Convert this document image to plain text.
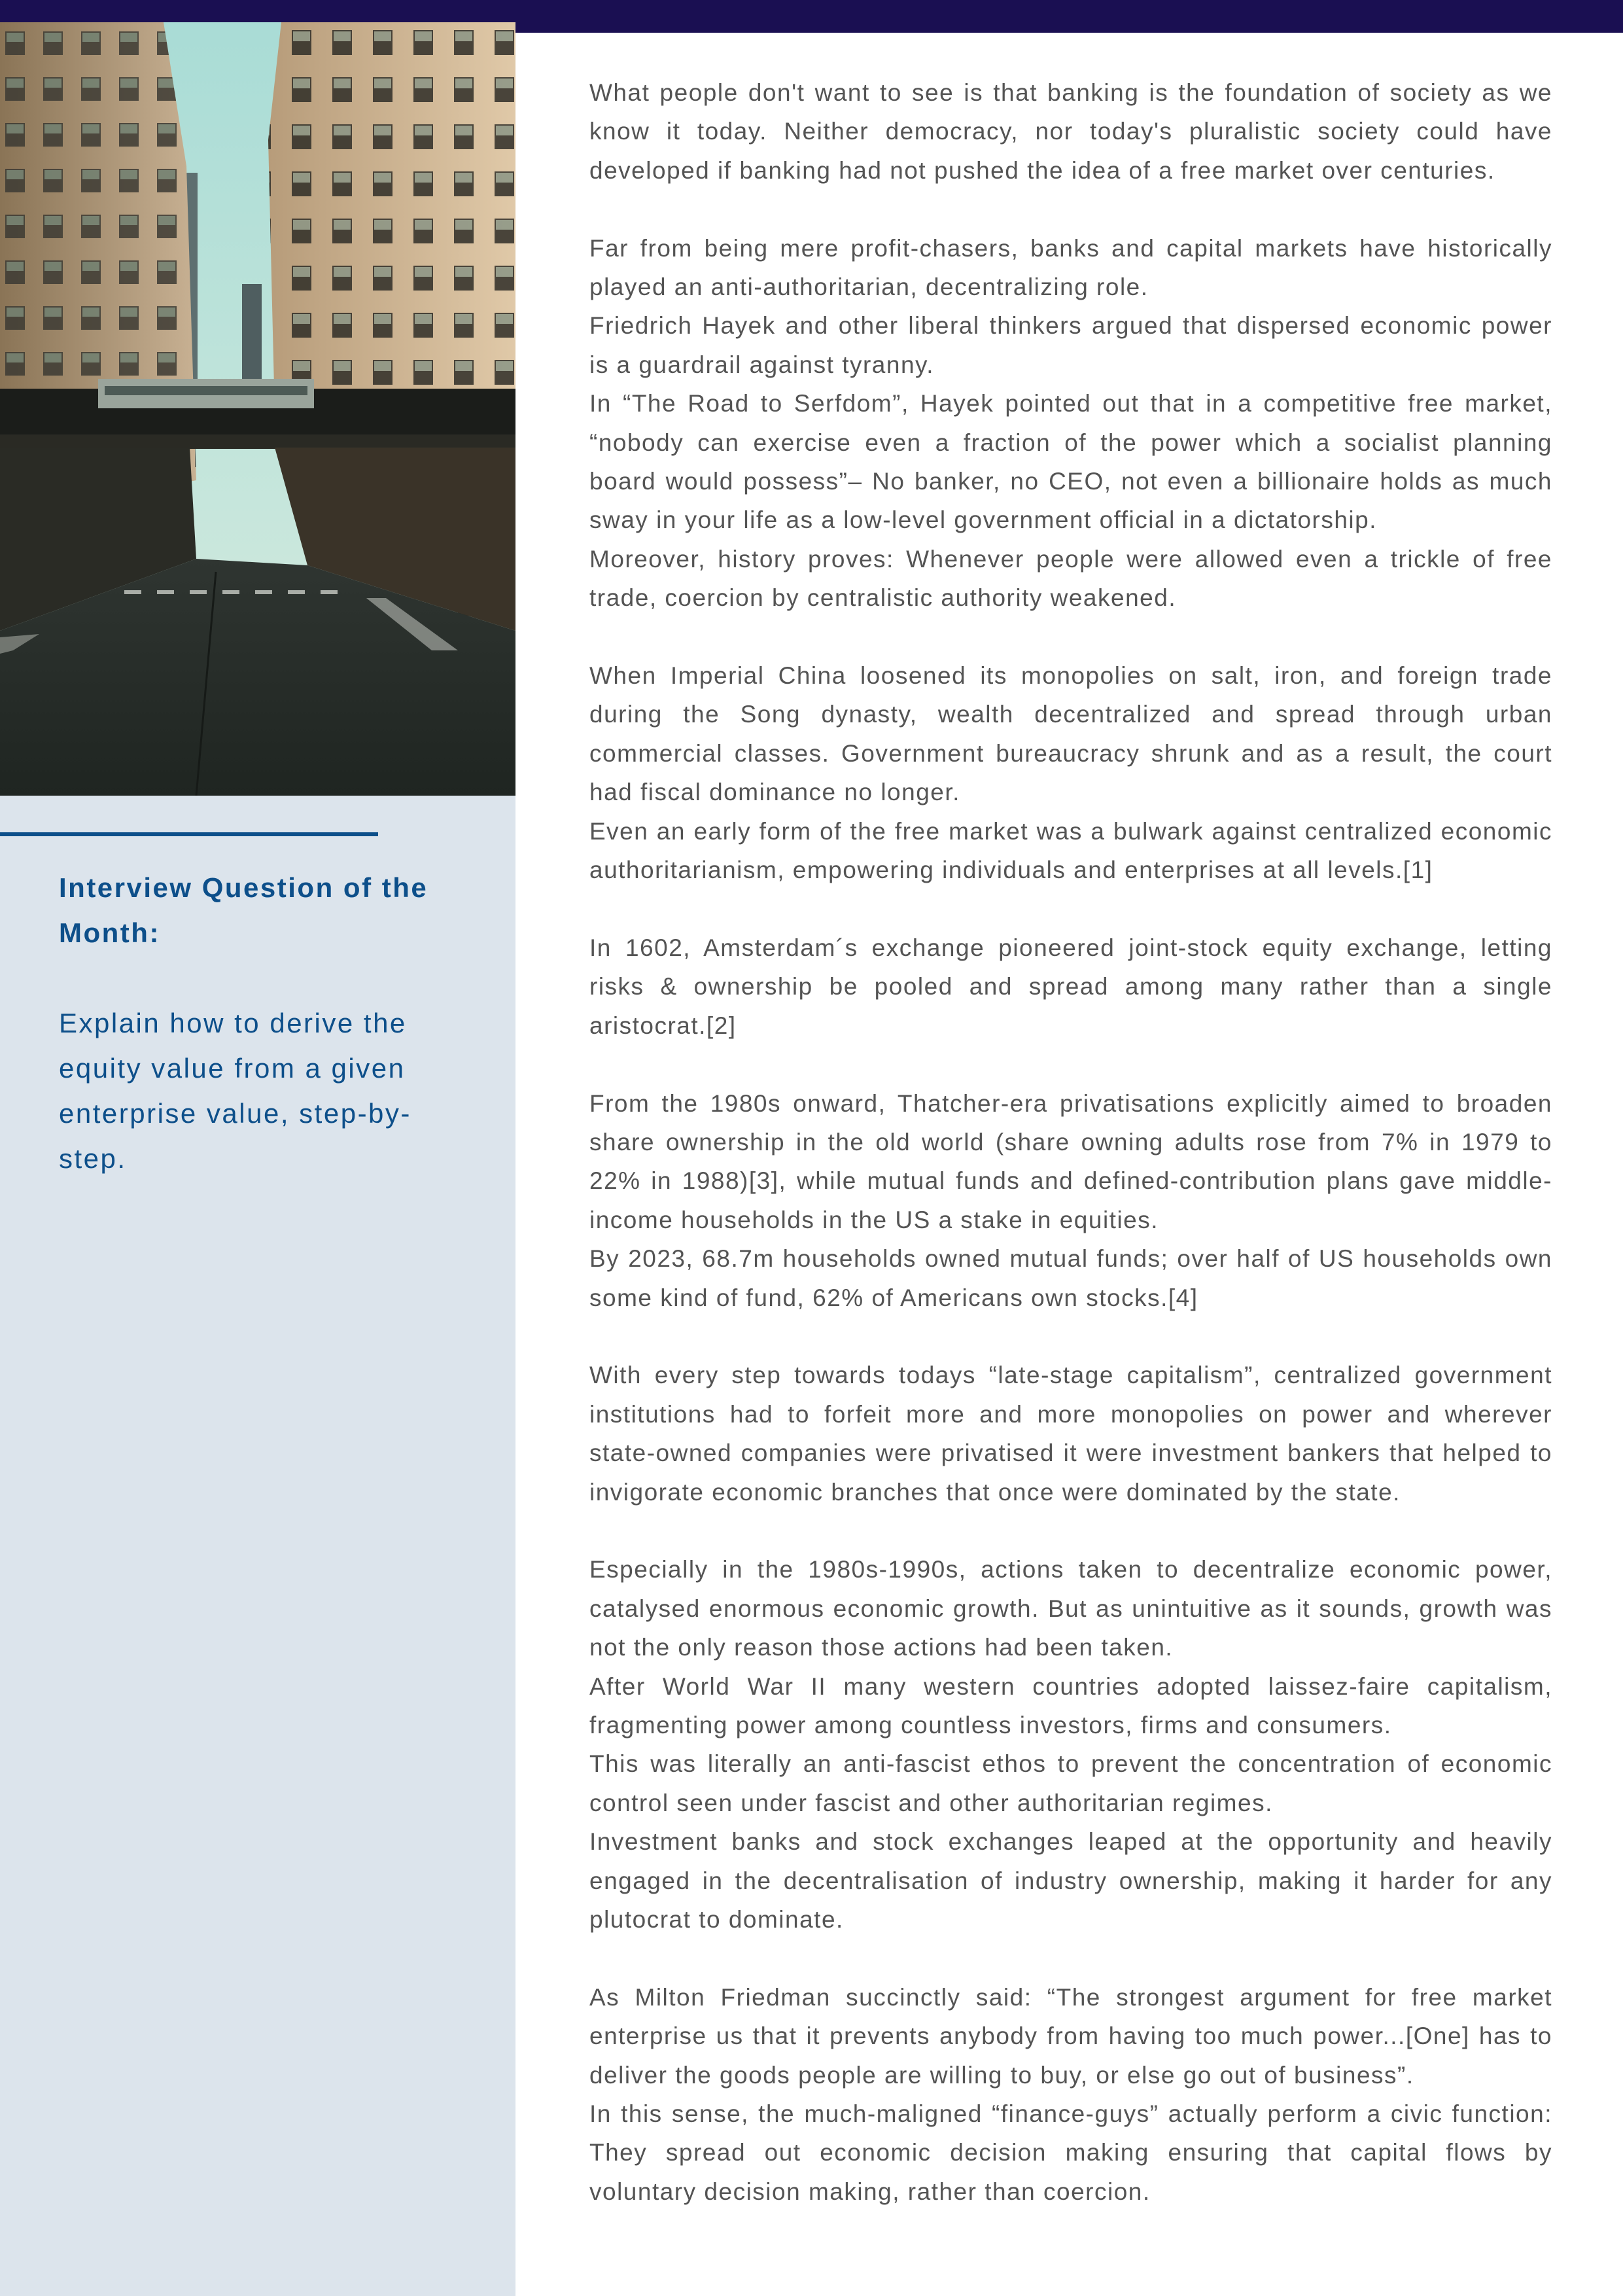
Interview Question of the Month:
Explain how to derive the equity value from a given enterprise value, step-by-step.

What people don't want to see is that banking is the foundation of society as we know it today. Neither democracy, nor today's pluralistic society could have developed if banking had not pushed the idea of a free market over centuries.

Far from being mere profit-chasers, banks and capital markets have historically played an anti-authoritarian, decentralizing role.

Friedrich Hayek and other liberal thinkers argued that dispersed economic power is a guardrail against tyranny.

In “The Road to Serfdom”, Hayek pointed out that in a competitive free market, “nobody can exercise even a fraction of the power which a socialist planning board would possess”– No banker, no CEO, not even a billionaire holds as much sway in your life as a low-level government official in a dictatorship.

Moreover, history proves: Whenever people were allowed even a trickle of free trade, coercion by centralistic authority weakened.

When Imperial China loosened its monopolies on salt, iron, and foreign trade during the Song dynasty, wealth decentralized and spread through urban commercial classes. Government bureaucracy shrunk and as a result, the court had fiscal dominance no longer.

Even an early form of the free market was a bulwark against centralized economic authoritarianism, empowering individuals and enterprises at all levels.[1]

In 1602, Amsterdam´s exchange pioneered joint-stock equity exchange, letting risks & ownership be pooled and spread among many rather than a single aristocrat.[2]

From the 1980s onward, Thatcher-era privatisations explicitly aimed to broaden share ownership in the old world (share owning adults rose from 7% in 1979 to 22% in 1988)[3], while mutual funds and defined-contribution plans gave middle-income households in the US a stake in equities.

By 2023, 68.7m households owned mutual funds; over half of US households own some kind of fund, 62% of Americans own stocks.[4]

With every step towards todays “late-stage capitalism”, centralized government institutions had to forfeit more and more monopolies on power and wherever state-owned companies were privatised it were investment bankers that helped to invigorate economic branches that once were dominated by the state.

Especially in the 1980s-1990s, actions taken to decentralize economic power, catalysed enormous economic growth. But as unintuitive as it sounds, growth was not the only reason those actions had been taken.

After World War II many western countries adopted laissez-faire capitalism, fragmenting power among countless investors, firms and consumers.

This was literally an anti-fascist ethos to prevent the concentration of economic control seen under fascist and other authoritarian regimes.

Investment banks and stock exchanges leaped at the opportunity and heavily engaged in the decentralisation of industry ownership, making it harder for any plutocrat to dominate.

As Milton Friedman succinctly said: “The strongest argument for free market enterprise us that it prevents anybody from having too much power...[One] has to deliver the goods people are willing to buy, or else go out of business”.

In this sense, the much-maligned “finance-guys” actually perform a civic function: They spread out economic decision making ensuring that capital flows by voluntary decision making, rather than coercion.
